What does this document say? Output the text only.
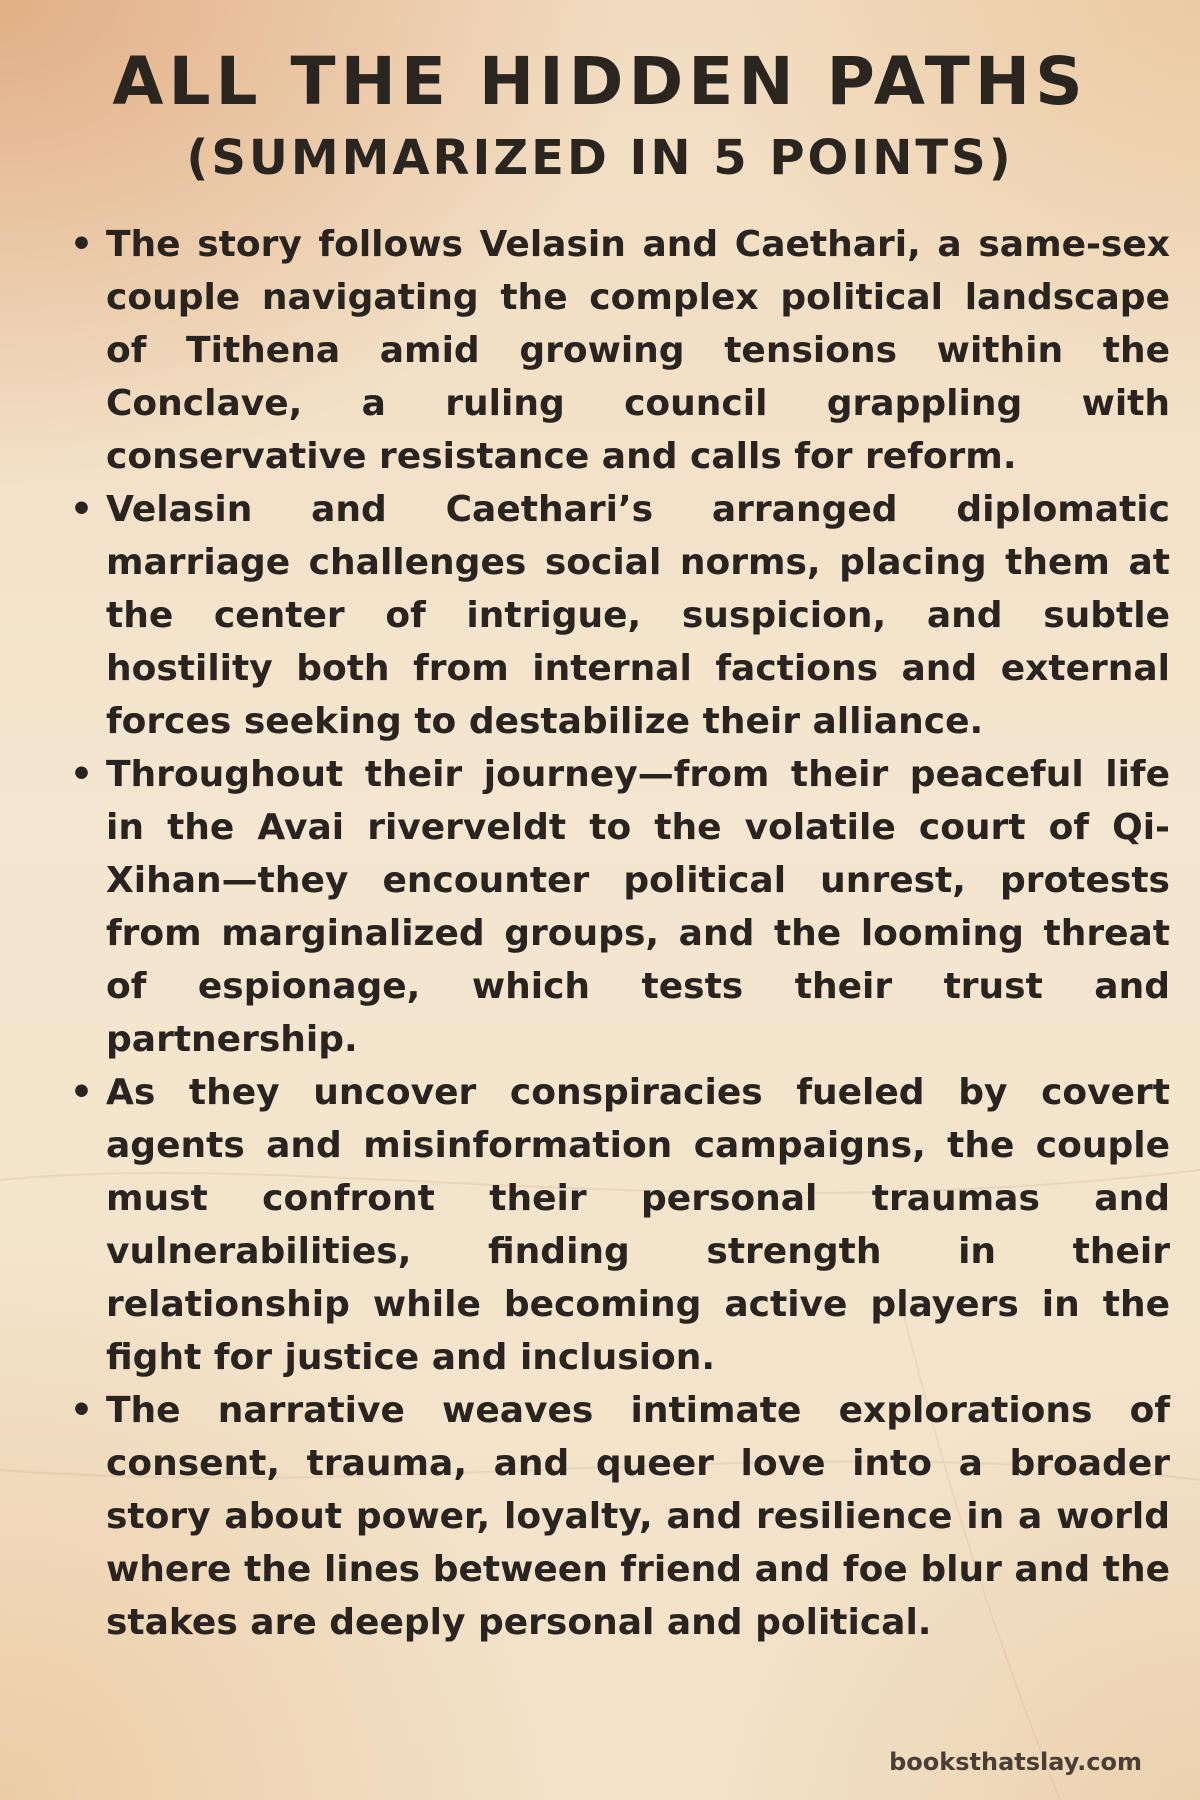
ALL THE HIDDEN PATHS
(SUMMARIZED IN 5 POINTS)
• The story follows Velasin and Caethari, a same-sex couple navigating the complex political landscape of Tithena amid growing tensions within the Conclave, a ruling council grappling with conservative resistance and calls for reform.
• Velasin and Caethari’s arranged diplomatic marriage challenges social norms, placing them at the center of intrigue, suspicion, and subtle hostility both from internal factions and external forces seeking to destabilize their alliance.
• Throughout their journey—from their peaceful life in the Avai riverveldt to the volatile court of Qi-Xihan—they encounter political unrest, protests from marginalized groups, and the looming threat of espionage, which tests their trust and partnership.
• As they uncover conspiracies fueled by covert agents and misinformation campaigns, the couple must confront their personal traumas and vulnerabilities, finding strength in their relationship while becoming active players in the fight for justice and inclusion.
• The narrative weaves intimate explorations of consent, trauma, and queer love into a broader story about power, loyalty, and resilience in a world where the lines between friend and foe blur and the stakes are deeply personal and political.
booksthatslay.com
